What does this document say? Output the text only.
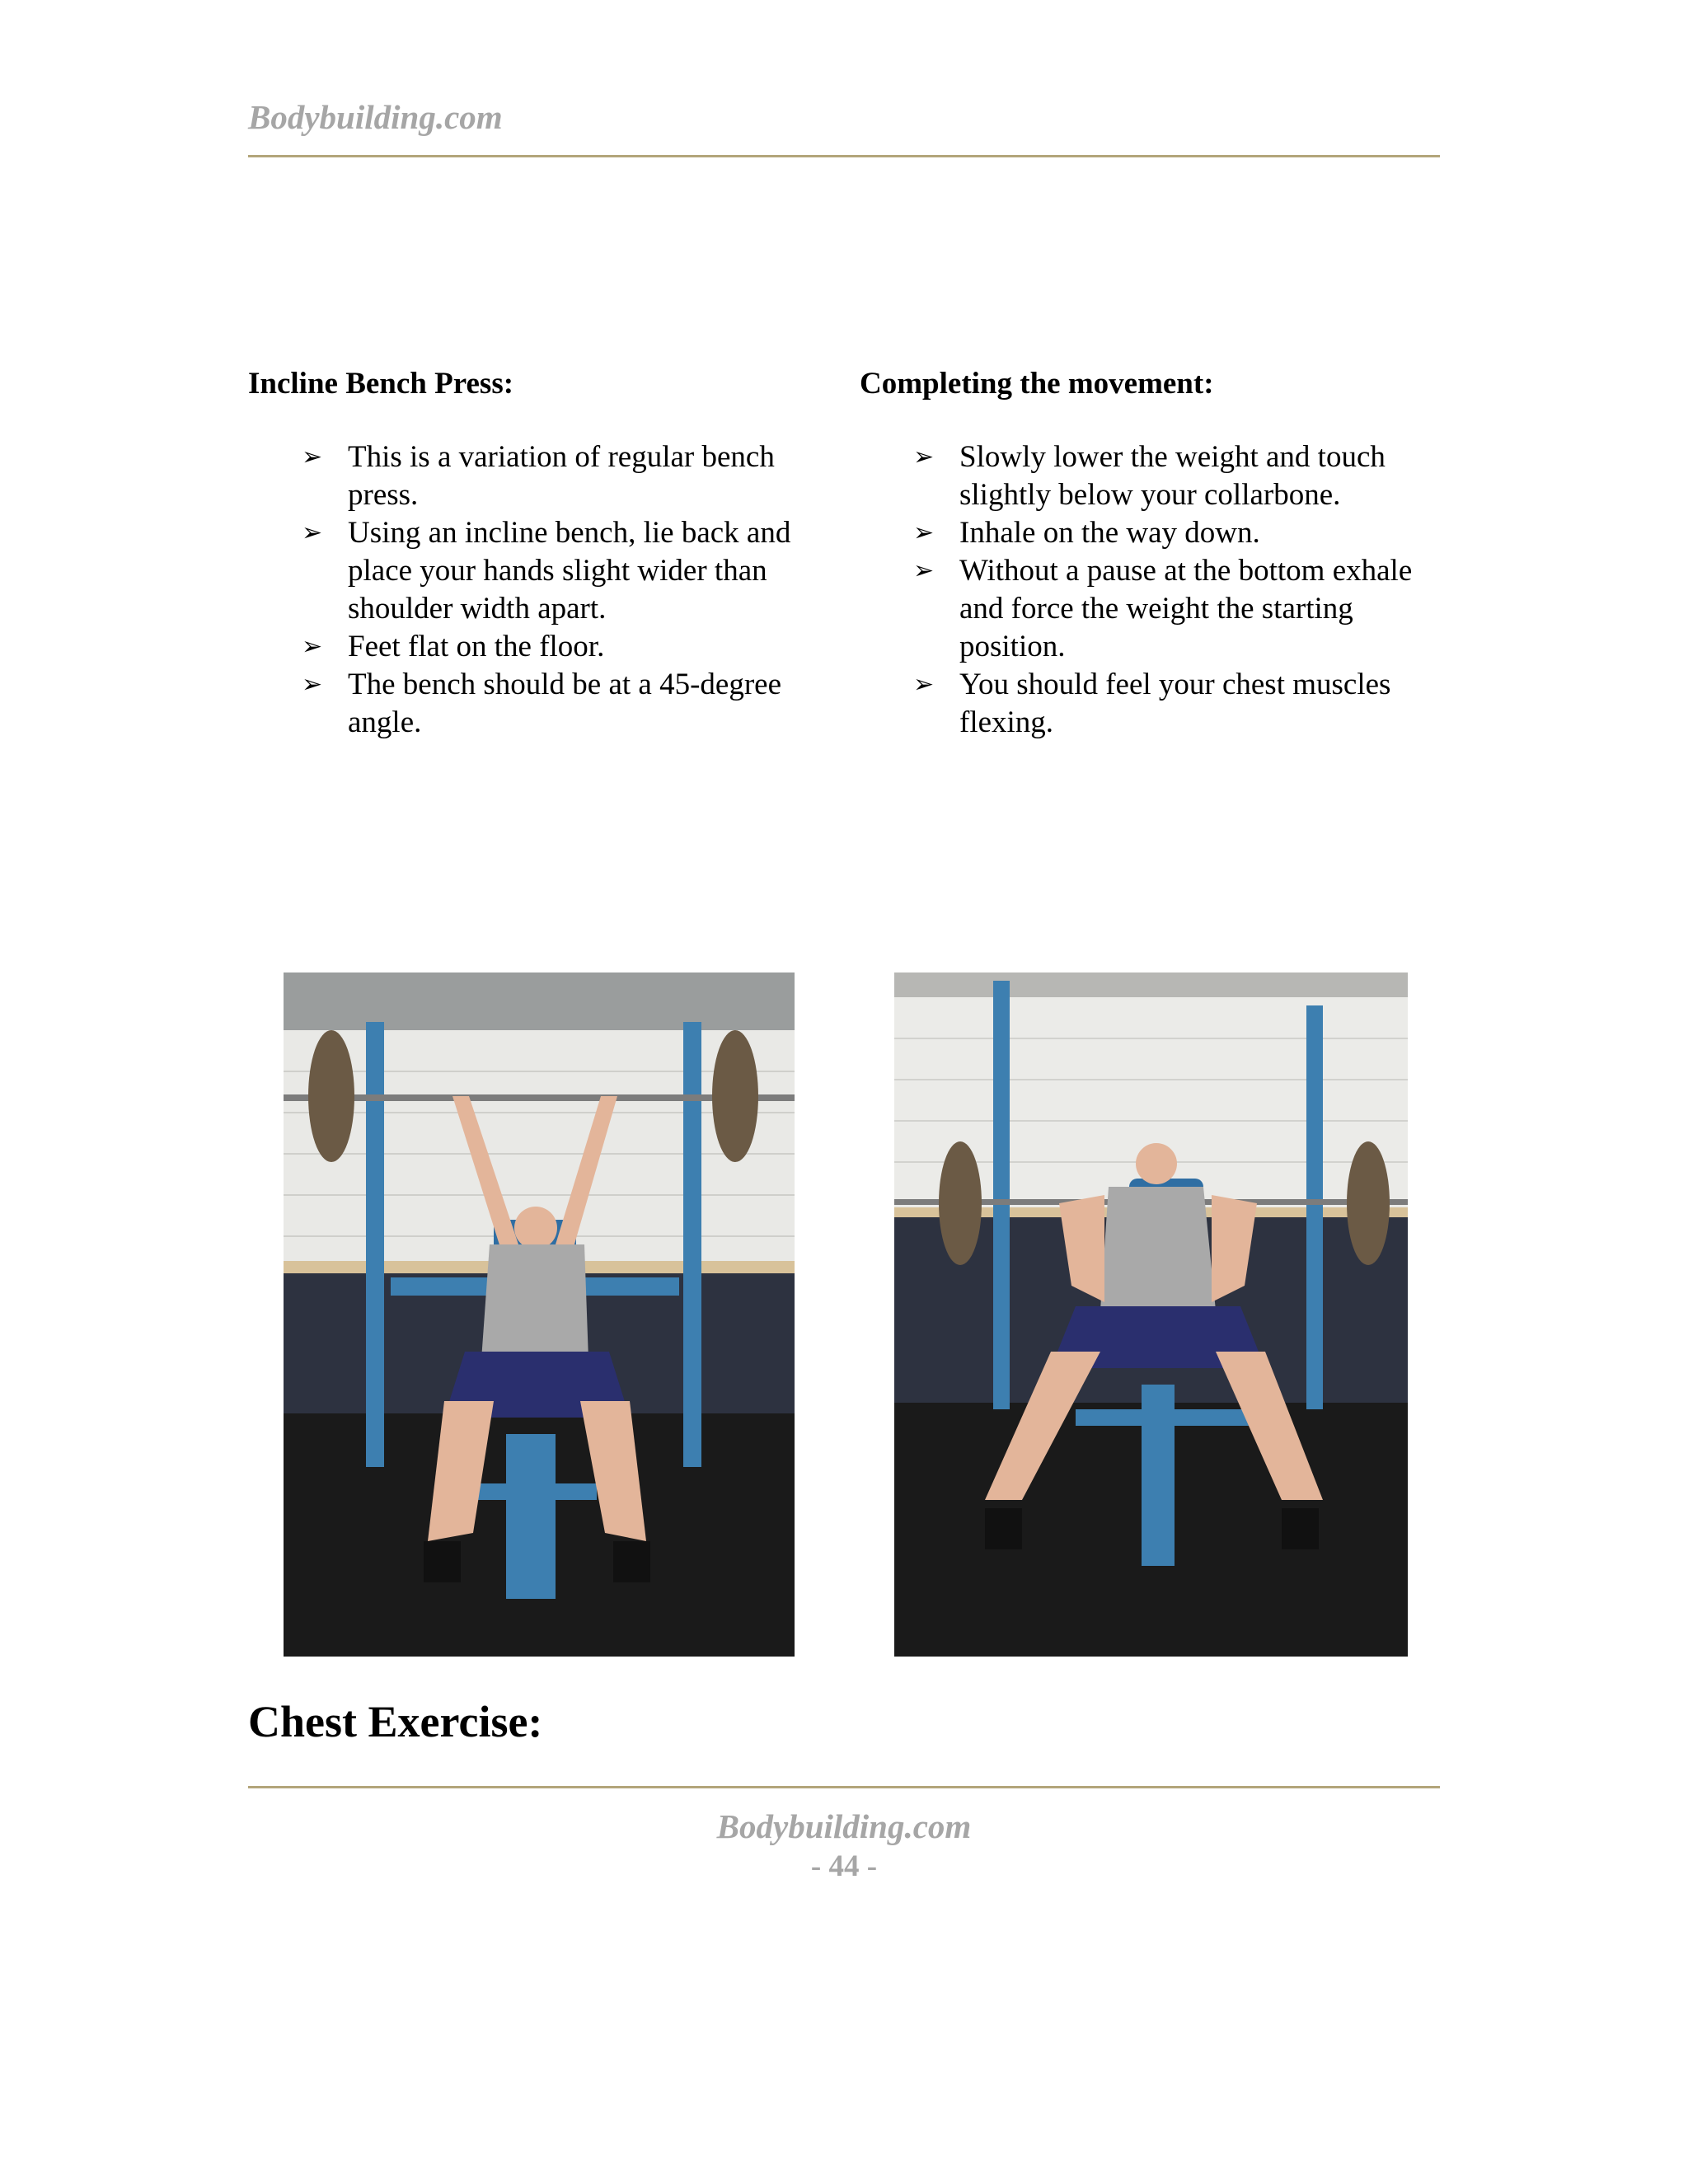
Bodybuilding.com
Incline Bench Press:
➢ This is a variation of regular bench press.
➢ Using an incline bench, lie back and place your hands slight wider than shoulder width apart.
➢ Feet flat on the floor.
➢ The bench should be at a 45-degree angle.
Completing the movement:
➢ Slowly lower the weight and touch slightly below your collarbone.
➢ Inhale on the way down.
➢ Without a pause at the bottom exhale and force the weight the starting position.
➢ You should feel your chest muscles flexing.
Chest Exercise:
Bodybuilding.com
- 44 -
